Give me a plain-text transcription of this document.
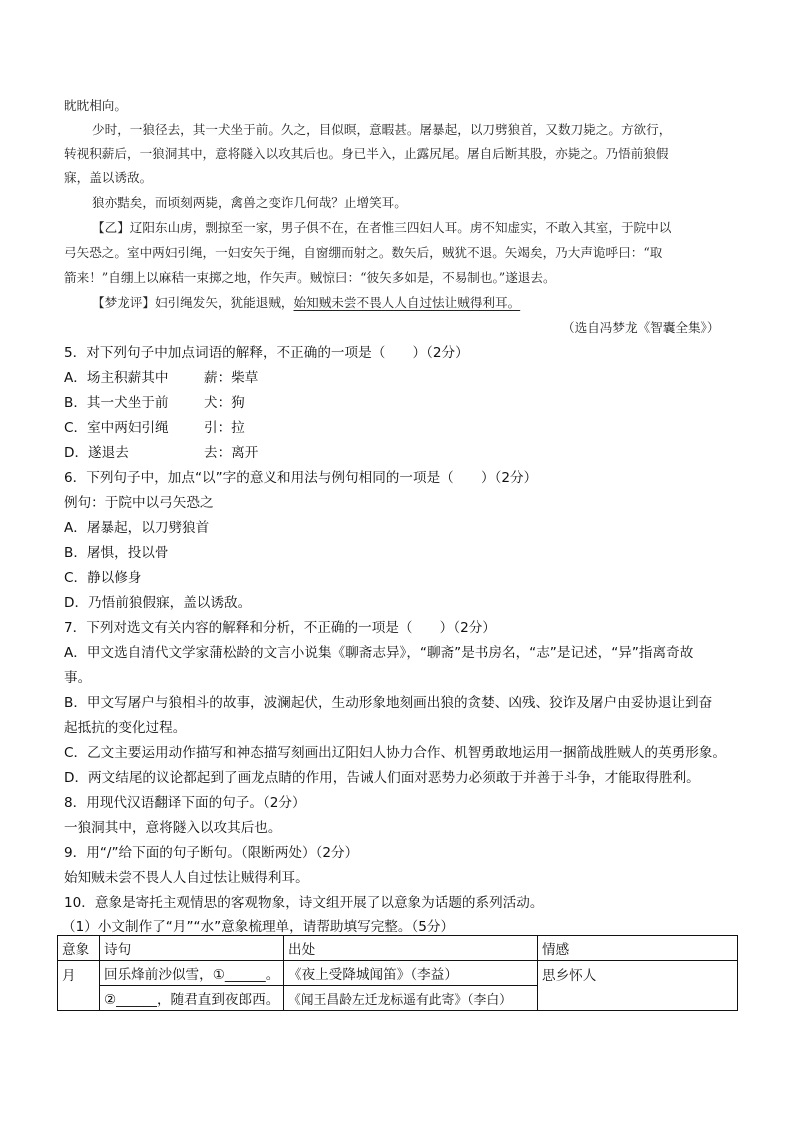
眈眈相向。
少时，一狼径去，其一犬坐于前。久之，目似暝，意暇甚。屠暴起，以刀劈狼首，又数刀毙之。方欲行，
转视积薪后，一狼洞其中，意将隧入以攻其后也。身已半入，止露尻尾。屠自后断其股，亦毙之。乃悟前狼假
寐，盖以诱敌。
狼亦黠矣，而顷刻两毙，禽兽之变诈几何哉？止增笑耳。
【乙】辽阳东山虏，剽掠至一家，男子俱不在，在者惟三四妇人耳。虏不知虚实，不敢入其室，于院中以
弓矢恐之。室中两妇引绳，一妇安矢于绳，自窗绷而射之。数矢后，贼犹不退。矢竭矣，乃大声诡呼曰：“取
箭来！”自绷上以麻秸一束掷之地，作矢声。贼惊曰：“彼矢多如是，不易制也。”遂退去。
【梦龙评】妇引绳发矢，犹能退贼，始知贼未尝不畏人人自过怯让贼得利耳。
（选自冯梦龙《智囊全集》）
5．对下列句子中加点词语的解释，不正确的一项是（　　）（2分）
A．场主积薪其中	薪：柴草
B．其一犬坐于前	犬：狗
C．室中两妇引绳	引：拉
D．遂退去	去：离开
6．下列句子中，加点“以”字的意义和用法与例句相同的一项是（　　）（2分）
例句：于院中以弓矢恐之
A．屠暴起，以刀劈狼首
B．屠惧，投以骨
C．静以修身
D．乃悟前狼假寐，盖以诱敌。
7．下列对选文有关内容的解释和分析，不正确的一项是（　　）（2分）
A．甲文选自清代文学家蒲松龄的文言小说集《聊斋志异》，“聊斋”是书房名，“志”是记述，“异”指离奇故
事。
B．甲文写屠户与狼相斗的故事，波澜起伏，生动形象地刻画出狼的贪婪、凶残、狡诈及屠户由妥协退让到奋
起抵抗的变化过程。
C．乙文主要运用动作描写和神态描写刻画出辽阳妇人协力合作、机智勇敢地运用一捆箭战胜贼人的英勇形象。
D．两文结尾的议论都起到了画龙点睛的作用，告诫人们面对恶势力必须敢于并善于斗争，才能取得胜利。
8．用现代汉语翻译下面的句子。（2分）
一狼洞其中，意将隧入以攻其后也。
9．用“/”给下面的句子断句。（限断两处）（2分）
始知贼未尝不畏人人自过怯让贼得利耳。
10．意象是寄托主观情思的客观物象，诗文组开展了以意象为话题的系列活动。
（1）小文制作了“月”“水”意象梳理单，请帮助填写完整。（5分）
意象	诗句	出处	情感
月	回乐烽前沙似雪，①______。	《夜上受降城闻笛》（李益）	思乡怀人
	②______，随君直到夜郎西。	《闻王昌龄左迁龙标遥有此寄》（李白）	
